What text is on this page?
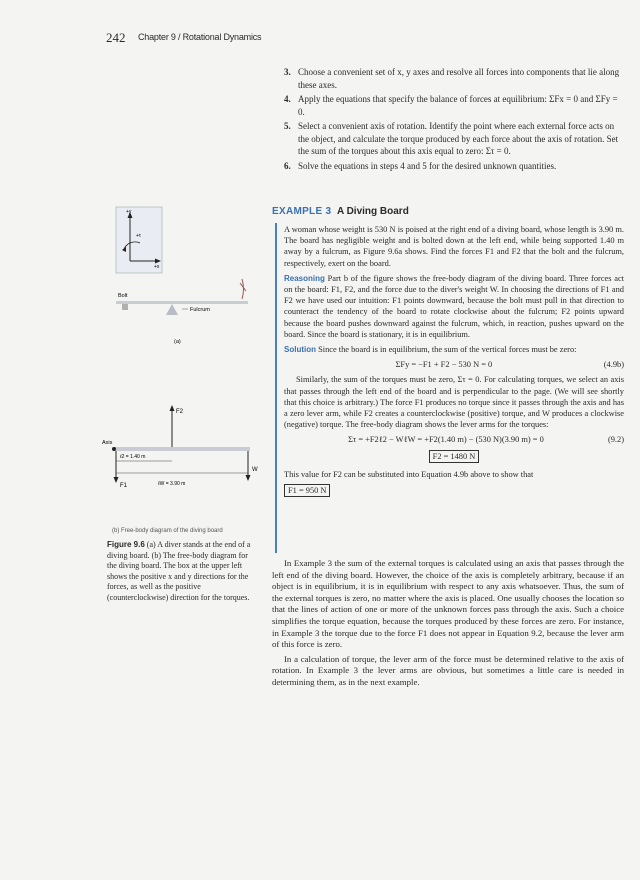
242 Chapter 9 / Rotational Dynamics
3. Choose a convenient set of x, y axes and resolve all forces into components that lie along these axes.
4. Apply the equations that specify the balance of forces at equilibrium: ΣFx = 0 and ΣFy = 0.
5. Select a convenient axis of rotation. Identify the point where each external force acts on the object, and calculate the torque produced by each force about the axis of rotation. Set the sum of the torques about this axis equal to zero: Στ = 0.
6. Solve the equations in steps 4 and 5 for the desired unknown quantities.
EXAMPLE 3 A Diving Board

A woman whose weight is 530 N is poised at the right end of a diving board, whose length is 3.90 m. The board has negligible weight and is bolted down at the left end, while being supported 1.40 m away by a fulcrum, as Figure 9.6a shows. Find the forces F1 and F2 that the bolt and the fulcrum, respectively, exert on the board.

Reasoning Part b of the figure shows the free-body diagram of the diving board. Three forces act on the board: F1, F2, and the force due to the diver's weight W. In choosing the directions of F1 and F2 we have used our intuition: F1 points downward, because the bolt must pull in that direction to counteract the tendency of the board to rotate clockwise about the fulcrum; F2 points upward because the board pushes downward against the fulcrum, which, in reaction, pushes upward on the board. Since the board is stationary, it is in equilibrium.

Solution Since the board is in equilibrium, the sum of the vertical forces must be zero:

ΣFy = −F1 + F2 − 530 N = 0	(4.9b)

Similarly, the sum of the torques must be zero, Στ = 0. For calculating torques, we select an axis that passes through the left end of the board and is perpendicular to the page. (We will see shortly that this choice is arbitrary.) The force F1 produces no torque since it passes through the axis and has a zero lever arm, while F2 creates a counterclockwise (positive) torque, and W produces a clockwise (negative) torque. The free-body diagram shows the lever arms for the torques:

Στ = +F2ℓ2 − WℓW = +F2(1.40 m) − (530 N)(3.90 m) = 0	(9.2)
F2 = 1480 N

This value for F2 can be substituted into Equation 4.9b above to show that

F1 = 950 N

In Example 3 the sum of the external torques is calculated using an axis that passes through the left end of the diving board. However, the choice of the axis is completely arbitrary, because if an object is in equilibrium, it is in equilibrium with respect to any axis whatsoever. Thus, the sum of the external torques is zero, no matter where the axis is placed. One usually chooses the location so that the lines of action of one or more of the unknown forces pass through the axis. Such a choice simplifies the torque equation, because the torques produced by these forces are zero. For instance, in Example 3 the torque due to the force F1 does not appear in Equation 9.2, because the lever arm of this force is zero.

In a calculation of torque, the lever arm of the force must be determined relative to the axis of rotation. In Example 3 the lever arms are obvious, but sometimes a little care is needed in determining them, as in the next example.

+y
+x
+τ
Bolt
Fulcrum
(a)
Axis
F2
W
F1
ℓ2 = 1.40 m
ℓW = 3.90 m
(b) Free-body diagram of the diving board
Figure 9.6 (a) A diver stands at the end of a diving board. (b) The free-body diagram for the diving board. The box at the upper left shows the positive x and y directions for the forces, as well as the positive (counterclockwise) direction for the torques.
